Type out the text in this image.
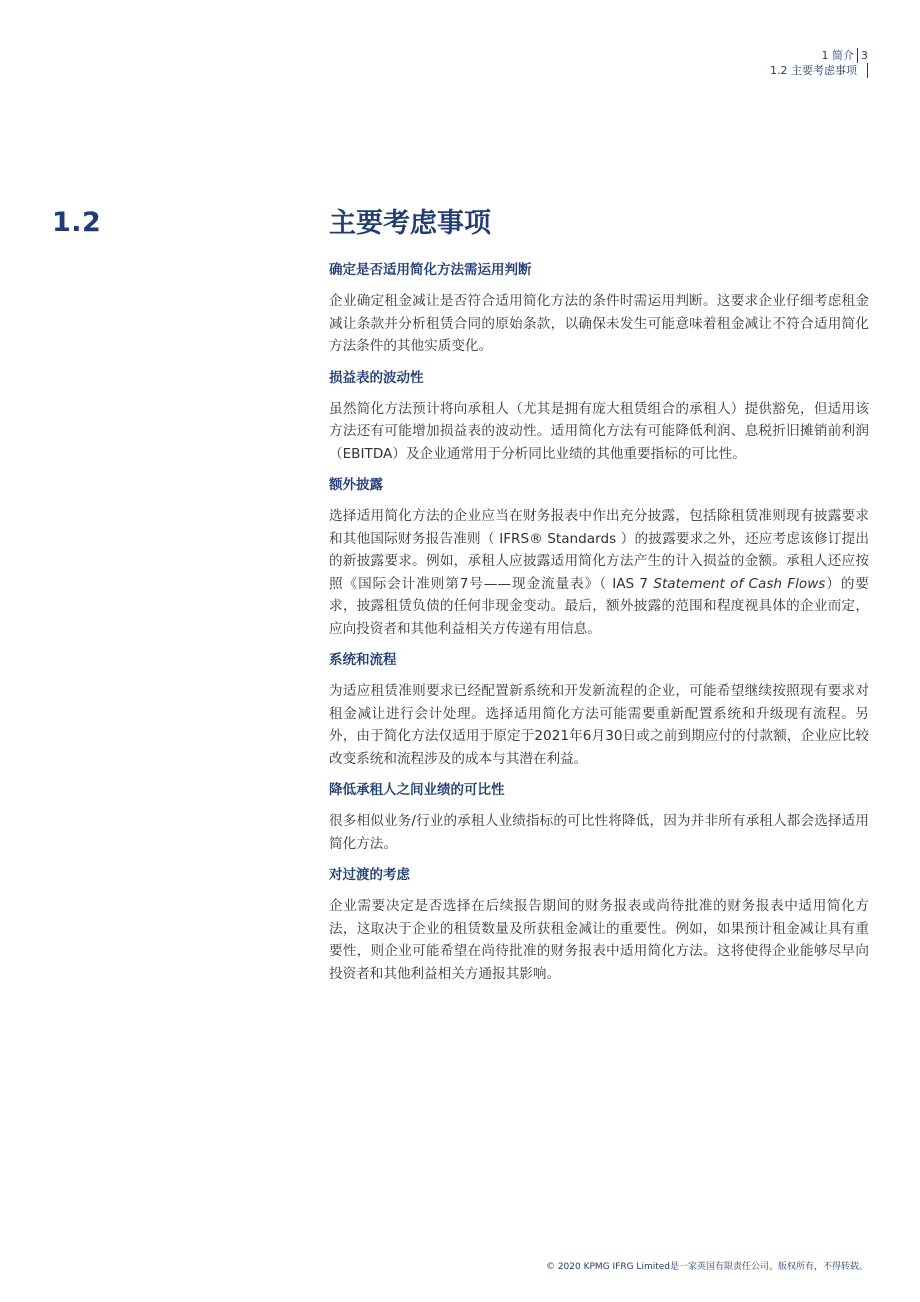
1 简介 3
1.2 主要考虑事项
1.2	主要考虑事项
确定是否适用简化方法需运用判断

企业确定租金减让是否符合适用简化方法的条件时需运用判断。这要求企业仔细考虑租金减让条款并分析租赁合同的原始条款，以确保未发生可能意味着租金减让不符合适用简化方法条件的其他实质变化。

损益表的波动性

虽然简化方法预计将向承租人（尤其是拥有庞大租赁组合的承租人）提供豁免，但适用该方法还有可能增加损益表的波动性。适用简化方法有可能降低利润、息税折旧摊销前利润（EBITDA）及企业通常用于分析同比业绩的其他重要指标的可比性。

额外披露

选择适用简化方法的企业应当在财务报表中作出充分披露，包括除租赁准则现有披露要求和其他国际财务报告准则（ IFRS® Standards ）的披露要求之外，还应考虑该修订提出的新披露要求。例如，承租人应披露适用简化方法产生的计入损益的金额。承租人还应按照《国际会计准则第7号——现金流量表》（ IAS 7 Statement of Cash Flows）的要求，披露租赁负债的任何非现金变动。最后，额外披露的范围和程度视具体的企业而定，应向投资者和其他利益相关方传递有用信息。

系统和流程

为适应租赁准则要求已经配置新系统和开发新流程的企业，可能希望继续按照现有要求对租金减让进行会计处理。选择适用简化方法可能需要重新配置系统和升级现有流程。另外，由于简化方法仅适用于原定于2021年6月30日或之前到期应付的付款额，企业应比较改变系统和流程涉及的成本与其潜在利益。

降低承租人之间业绩的可比性

很多相似业务/行业的承租人业绩指标的可比性将降低，因为并非所有承租人都会选择适用简化方法。

对过渡的考虑

企业需要决定是否选择在后续报告期间的财务报表或尚待批准的财务报表中适用简化方法，这取决于企业的租赁数量及所获租金减让的重要性。例如，如果预计租金减让具有重要性，则企业可能希望在尚待批准的财务报表中适用简化方法。这将使得企业能够尽早向投资者和其他利益相关方通报其影响。

© 2020 KPMG IFRG Limited是一家英国有限责任公司。版权所有，不得转载。
